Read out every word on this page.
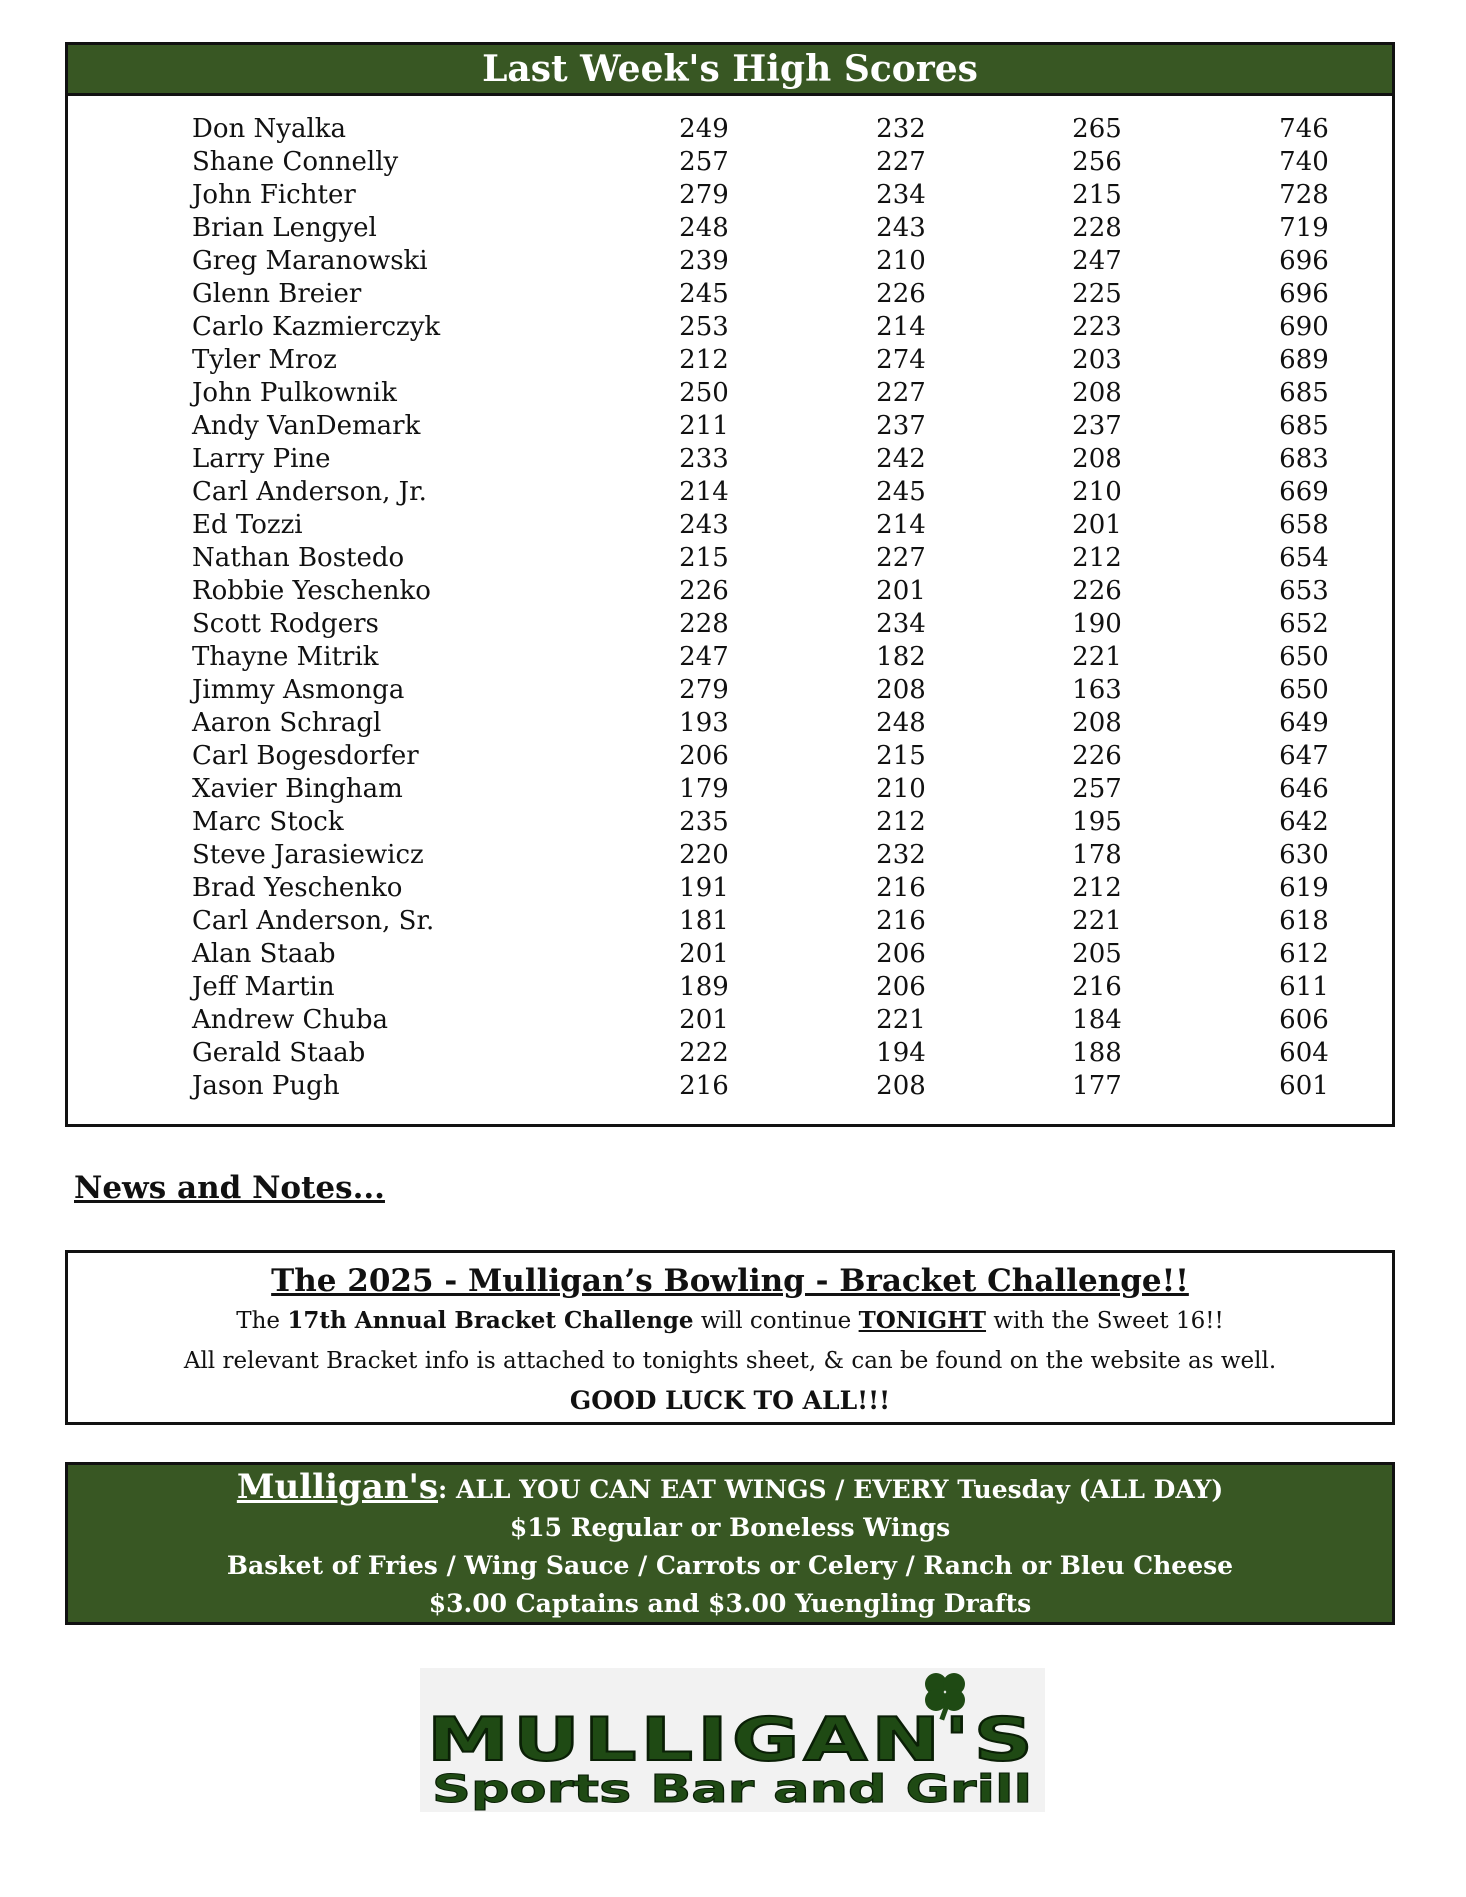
Last Week's High Scores
Don Nyalka	249	232	265	746
Shane Connelly	257	227	256	740
John Fichter	279	234	215	728
Brian Lengyel	248	243	228	719
Greg Maranowski	239	210	247	696
Glenn Breier	245	226	225	696
Carlo Kazmierczyk	253	214	223	690
Tyler Mroz	212	274	203	689
John Pulkownik	250	227	208	685
Andy VanDemark	211	237	237	685
Larry Pine	233	242	208	683
Carl Anderson, Jr.	214	245	210	669
Ed Tozzi	243	214	201	658
Nathan Bostedo	215	227	212	654
Robbie Yeschenko	226	201	226	653
Scott Rodgers	228	234	190	652
Thayne Mitrik	247	182	221	650
Jimmy Asmonga	279	208	163	650
Aaron Schragl	193	248	208	649
Carl Bogesdorfer	206	215	226	647
Xavier Bingham	179	210	257	646
Marc Stock	235	212	195	642
Steve Jarasiewicz	220	232	178	630
Brad Yeschenko	191	216	212	619
Carl Anderson, Sr.	181	216	221	618
Alan Staab	201	206	205	612
Jeff Martin	189	206	216	611
Andrew Chuba	201	221	184	606
Gerald Staab	222	194	188	604
Jason Pugh	216	208	177	601
News and Notes...
The 2025 - Mulligan’s Bowling - Bracket Challenge!!
The 17th Annual Bracket Challenge will continue TONIGHT with the Sweet 16!!
All relevant Bracket info is attached to tonights sheet, & can be found on the website as well.
GOOD LUCK TO ALL!!!
Mulligan's: ALL YOU CAN EAT WINGS / EVERY Tuesday (ALL DAY)
$15 Regular or Boneless Wings
Basket of Fries / Wing Sauce / Carrots or Celery / Ranch or Bleu Cheese
$3.00 Captains and $3.00 Yuengling Drafts
MULLIGAN'S
Sports Bar and Grill
